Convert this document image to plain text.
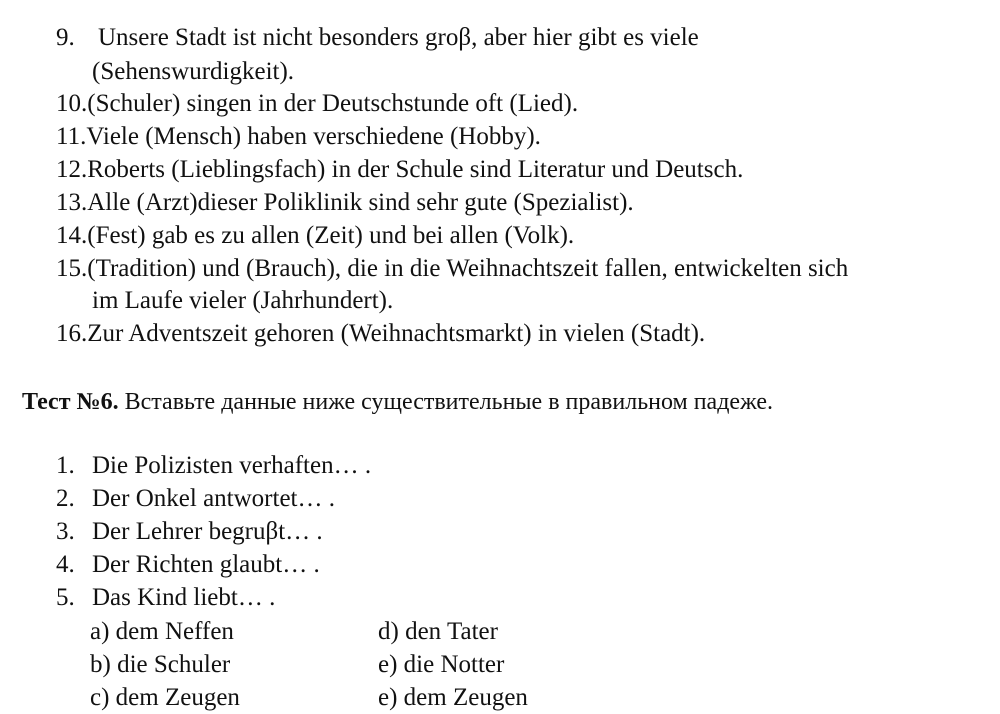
9. Unsere Stadt ist nicht besonders groβ, aber hier gibt es viele
(Sehenswurdigkeit).
10.(Schuler) singen in der Deutschstunde oft (Lied).
11.Viele (Mensch) haben verschiedene (Hobby).
12.Roberts (Lieblingsfach) in der Schule sind Literatur und Deutsch.
13.Alle (Arzt)dieser Poliklinik sind sehr gute (Spezialist).
14.(Fest) gab es zu allen (Zeit) und bei allen (Volk).
15.(Tradition) und (Brauch), die in die Weihnachtszeit fallen, entwickelten sich
im Laufe vieler (Jahrhundert).
16.Zur Adventszeit gehoren (Weihnachtsmarkt) in vielen (Stadt).
Тест №6. Вставьте данные ниже существительные в правильном падеже.
1. Die Polizisten verhaften… .
2. Der Onkel antwortet… .
3. Der Lehrer begruβt… .
4. Der Richten glaubt… .
5. Das Kind liebt… .
a) dem Neffen
b) die Schuler
c) dem Zeugen
d) den Tater
e) die Notter
e) dem Zeugen
